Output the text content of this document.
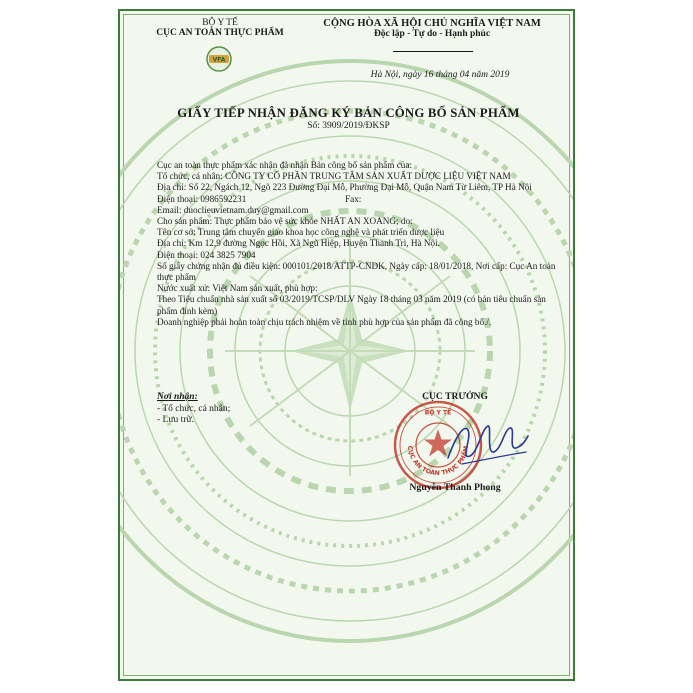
BỘ Y TẾ
CỤC AN TOÀN THỰC PHẨM
VFA
CỘNG HÒA XÃ HỘI CHỦ NGHĨA VIỆT NAM
Độc lập - Tự do - Hạnh phúc
Hà Nội, ngày 16 tháng 04 năm 2019
GIẤY TIẾP NHẬN ĐĂNG KÝ BẢN CÔNG BỐ SẢN PHẨM
Số: 3909/2019/ĐKSP
Cục an toàn thực phẩm xác nhận đã nhận Bản công bố sản phẩm của:
Tổ chức, cá nhân: CÔNG TY CỔ PHẦN TRUNG TÂM SẢN XUẤT DƯỢC LIỆU VIỆT NAM
Địa chỉ: Số 22, Ngách 12, Ngõ 223 Đường Đại Mỗ, Phường Đại Mỗ, Quận Nam Từ Liêm, TP Hà Nội
Điện thoại: 0986592231	Fax:
Email: duoclieuvietnam.duy@gmail.com
Cho sản phẩm: Thực phẩm bảo vệ sức khỏe NHẤT AN XOANG; do:
Tên cơ sở: Trung tâm chuyển giao khoa học công nghệ và phát triển dược liệu
Địa chỉ: Km 12,9 đường Ngọc Hồi, Xã Ngũ Hiệp, Huyện Thanh Trì, Hà Nội.
Điện thoại: 024 3825 7904
Số giấy chứng nhận đủ điều kiện: 000101/2018/ATTP-CNDK, Ngày cấp: 18/01/2018, Nơi cấp: Cục An toàn thực phẩm
Nước xuất xứ: Việt Nam sản xuất, phù hợp:
Theo Tiêu chuẩn nhà sản xuất số 03/2019/TCSP/DLV Ngày 18 tháng 03 năm 2019 (có bản tiêu chuẩn sản phẩm đính kèm)
Doanh nghiệp phải hoàn toàn chịu trách nhiệm về tính phù hợp của sản phẩm đã công bố./.
Nơi nhận:
- Tổ chức, cá nhân;
- Lưu trữ.
CỤC TRƯỞNG
BỘ Y TẾ
CỤC AN TOÀN THỰC PHẨM
Nguyễn Thanh Phong
